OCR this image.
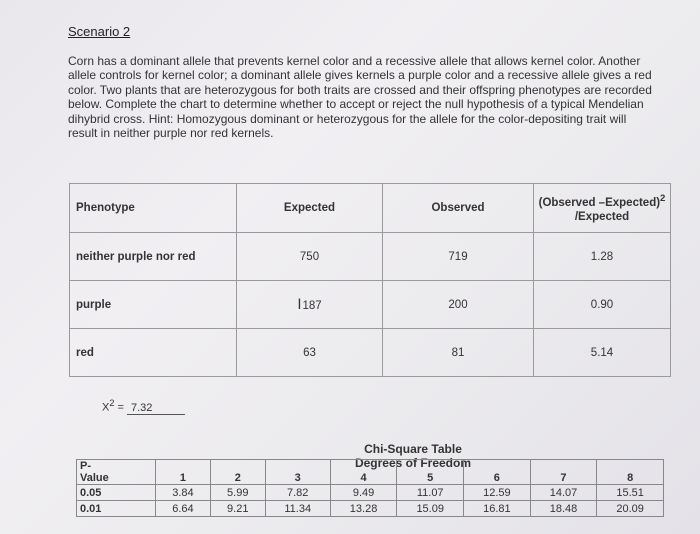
Scenario 2
Corn has a dominant allele that prevents kernel color and a recessive allele that allows kernel color. Another allele controls for kernel color; a dominant allele gives kernels a purple color and a recessive allele gives a red color. Two plants that are heterozygous for both traits are crossed and their offspring phenotypes are recorded below. Complete the chart to determine whether to accept or reject the null hypothesis of a typical Mendelian dihybrid cross. Hint: Homozygous dominant or heterozygous for the allele for the color-depositing trait will result in neither purple nor red kernels.
Phenotype	Expected	Observed	(Observed –Expected)$^2$
/Expected
neither purple nor red	750	719	1.28
purple	I187	200	0.90
red	63	81	5.14
$X^2 = 7.32$
Chi-Square Table
Degrees of Freedom
P-
Value	1	2	3	4	5	6	7	8
0.05	3.84	5.99	7.82	9.49	11.07	12.59	14.07	15.51
0.01	6.64	9.21	11.34	13.28	15.09	16.81	18.48	20.09
